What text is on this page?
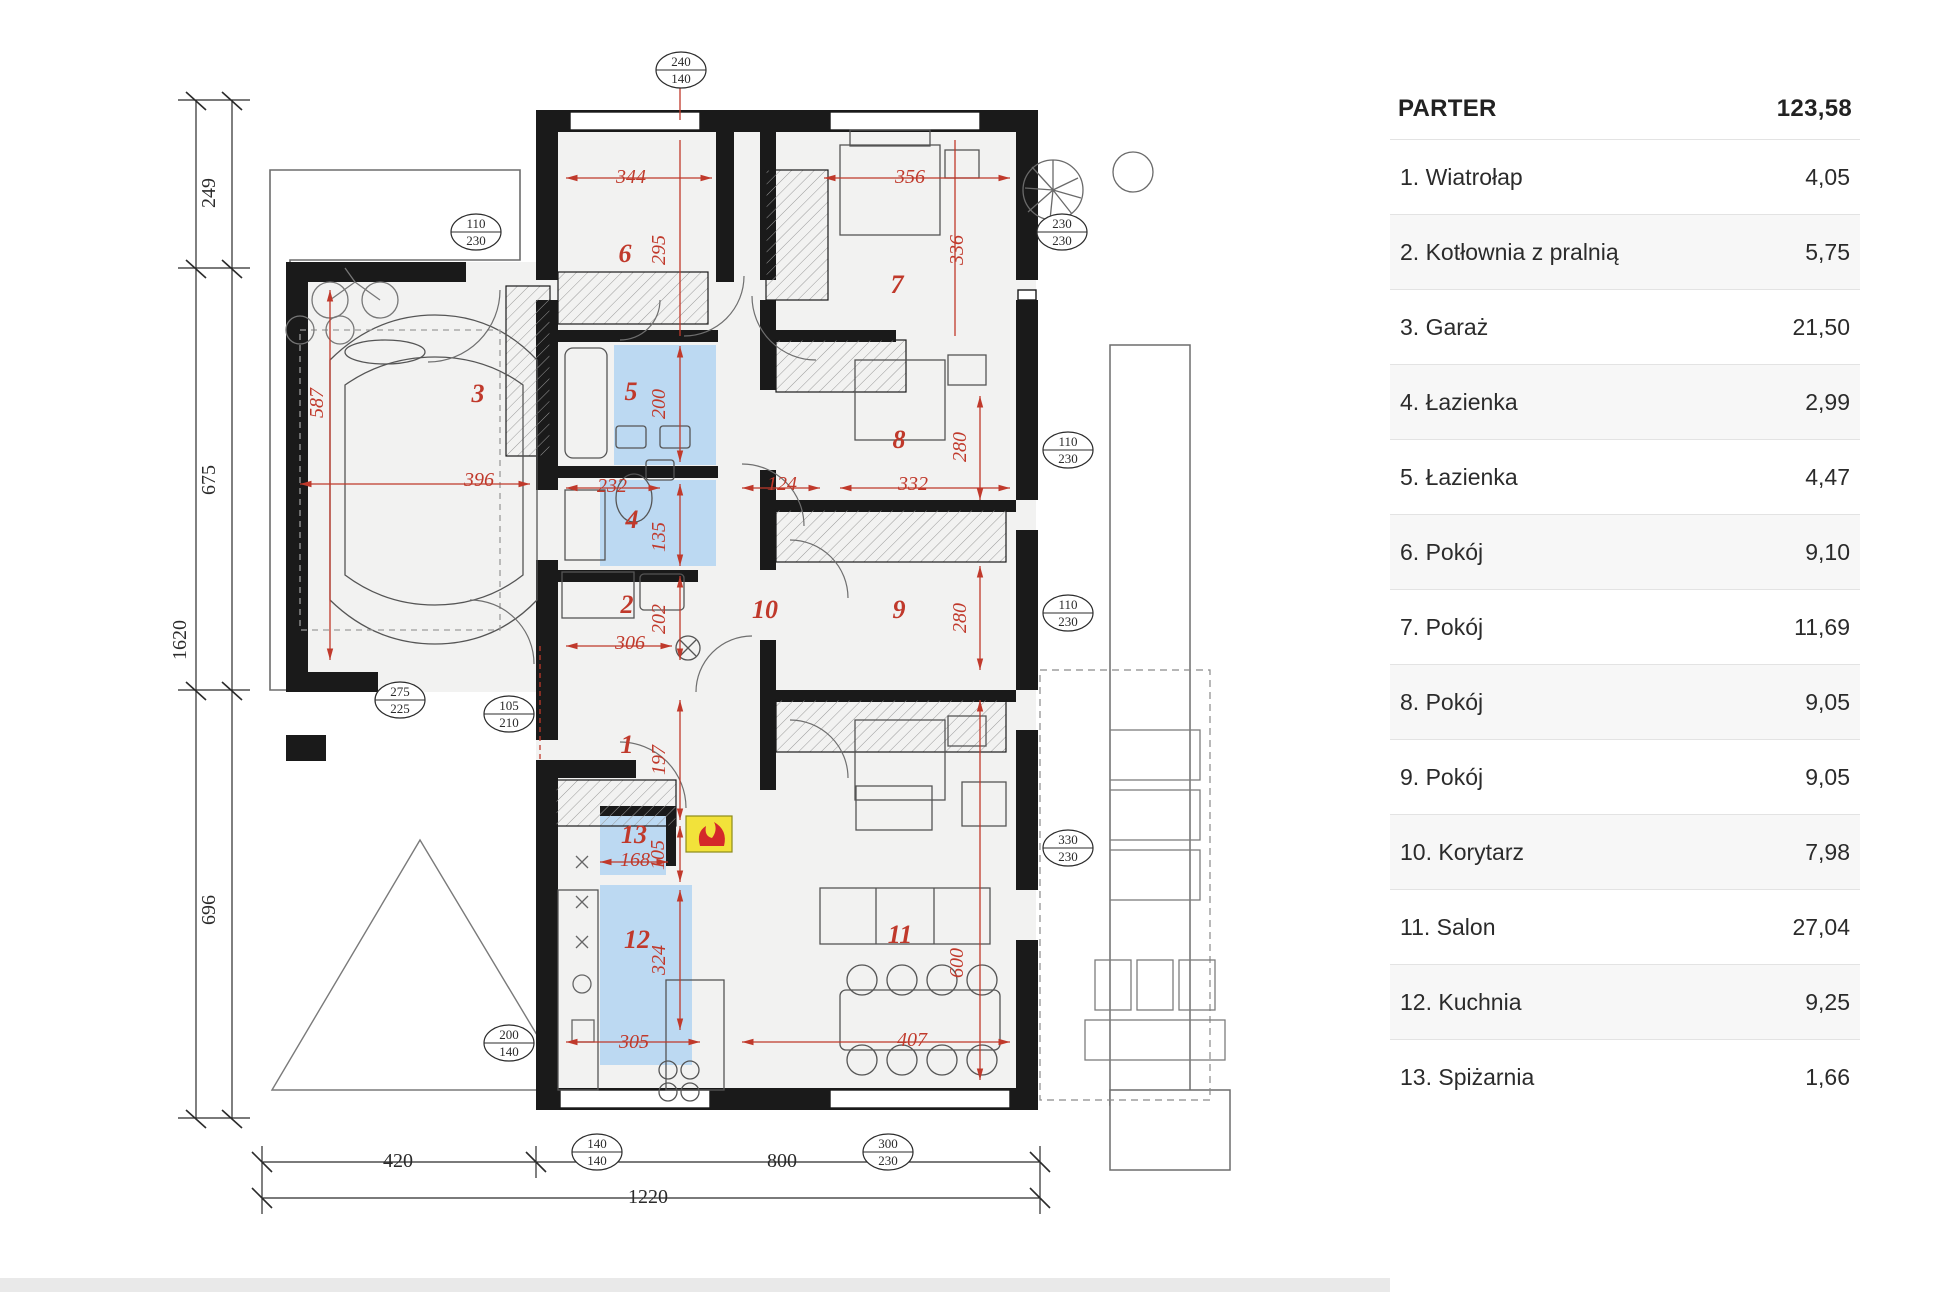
1
2
3
4
5
6
7
8
9
10
11
12
13
344	356
295	336
587
396
200
232	124	332
280
135
202
306
280
197
105
168
324
305	407
600
249
675
1620
696
420	800
1220
240
140
110
230
230
230
110
230
110
230
275
225	105
210
330
230
200
140
140
140
300
230
PARTER	123,58
1. Wiatrołap	4,05
2. Kotłownia z pralnią	5,75
3. Garaż	21,50
4. Łazienka	2,99
5. Łazienka	4,47
6. Pokój	9,10
7. Pokój	11,69
8. Pokój	9,05
9. Pokój	9,05
10. Korytarz	7,98
11. Salon	27,04
12. Kuchnia	9,25
13. Spiżarnia	1,66
